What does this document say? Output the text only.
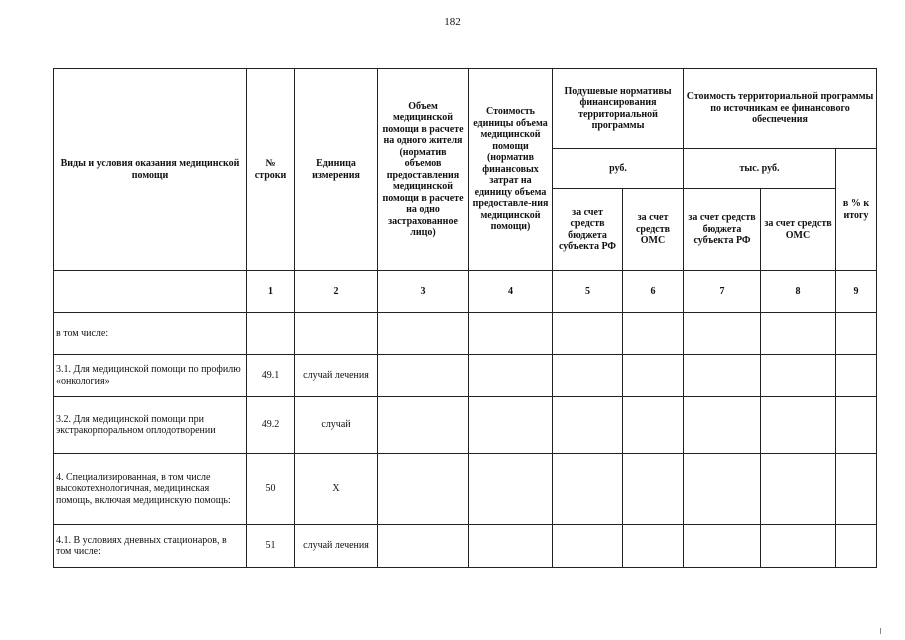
182
Виды и условия оказания медицинской помощи	№ строки	Единица измерения	Объем медицинской помощи в расчете на одного жителя (норматив объемов предоставления медицинской помощи в расчете на одно застрахованное лицо)	Стоимость единицы объема медицинской помощи (норматив финансовых затрат на единицу объема предоставле-ния медицинской помощи)	Подушевые нормативы финансирования территориальной программы		Стоимость территориальной программы по источникам ее финансового обеспечения		
					руб.		тыс. руб.		в % к итогу
					за счет средств бюджета субъекта РФ	за счет средств ОМС	за счет средств бюджета субъекта РФ	за счет средств ОМС	
	1	2	3	4	5	6	7	8	9
в том числе:									
3.1. Для медицинской помощи по профилю «онкология»	49.1	случай лечения							
3.2. Для медицинской помощи при экстракорпоральном оплодотворении	49.2	случай							
4. Специализированная, в том числе высокотехнологичная, медицинская помощь, включая медицинскую помощь:	50	Х							
4.1. В условиях дневных стационаров, в том числе:	51	случай лечения							
